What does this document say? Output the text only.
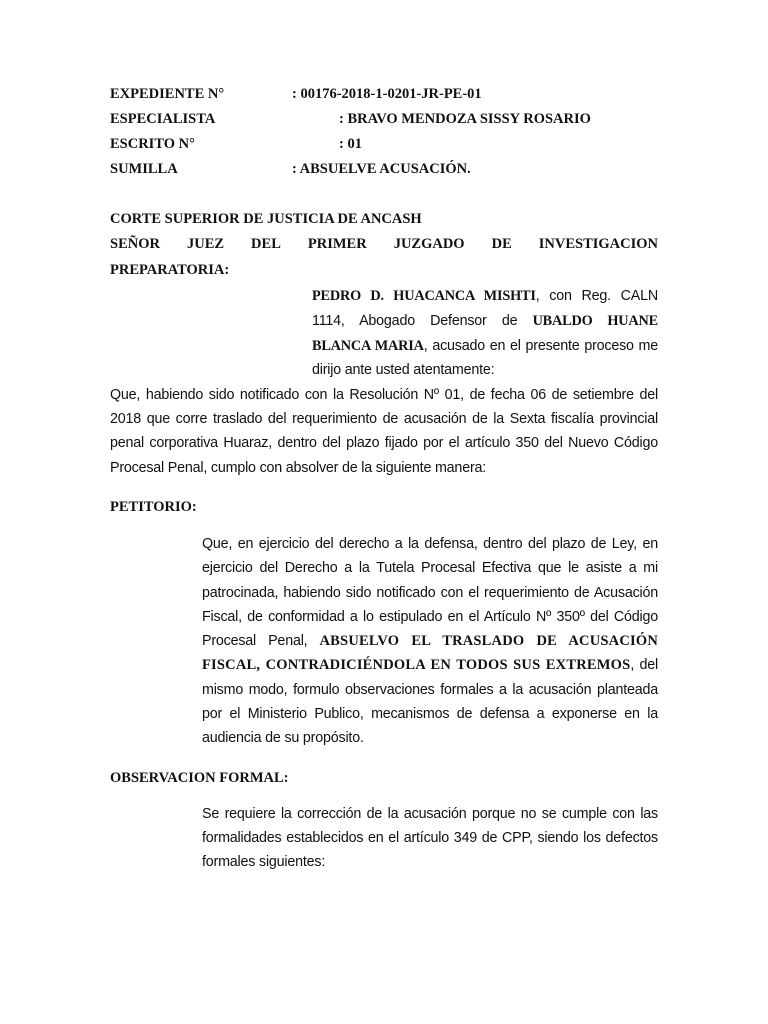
EXPEDIENTE N°	: 00176-2018-1-0201-JR-PE-01
ESPECIALISTA	: BRAVO MENDOZA SISSY ROSARIO
ESCRITO N°	: 01
SUMILLA	: ABSUELVE ACUSACIÓN.
CORTE SUPERIOR DE JUSTICIA DE ANCASH
SEÑOR JUEZ DEL PRIMER JUZGADO DE INVESTIGACION
PREPARATORIA:
PEDRO D. HUACANCA MISHTI, con Reg. CALN 1114, Abogado Defensor de UBALDO HUANE BLANCA MARIA, acusado en el presente proceso me dirijo ante usted atentamente:
Que, habiendo sido notificado con la Resolución Nº 01, de fecha 06 de setiembre del 2018 que corre traslado del requerimiento de acusación de la Sexta fiscalía provincial penal corporativa Huaraz, dentro del plazo fijado por el artículo 350 del Nuevo Código Procesal Penal, cumplo con absolver de la siguiente manera:
PETITORIO:
Que, en ejercicio del derecho a la defensa, dentro del plazo de Ley, en ejercicio del Derecho a la Tutela Procesal Efectiva que le asiste a mi patrocinada, habiendo sido notificado con el requerimiento de Acusación Fiscal, de conformidad a lo estipulado en el Artículo Nº 350º del Código Procesal Penal, ABSUELVO EL TRASLADO DE ACUSACIÓN FISCAL, CONTRADICIÉNDOLA EN TODOS SUS EXTREMOS, del mismo modo, formulo observaciones formales a la acusación planteada por el Ministerio Publico, mecanismos de defensa a exponerse en la audiencia de su propósito.
OBSERVACION FORMAL:
Se requiere la corrección de la acusación porque no se cumple con las formalidades establecidos en el artículo 349 de CPP, siendo los defectos formales siguientes:
